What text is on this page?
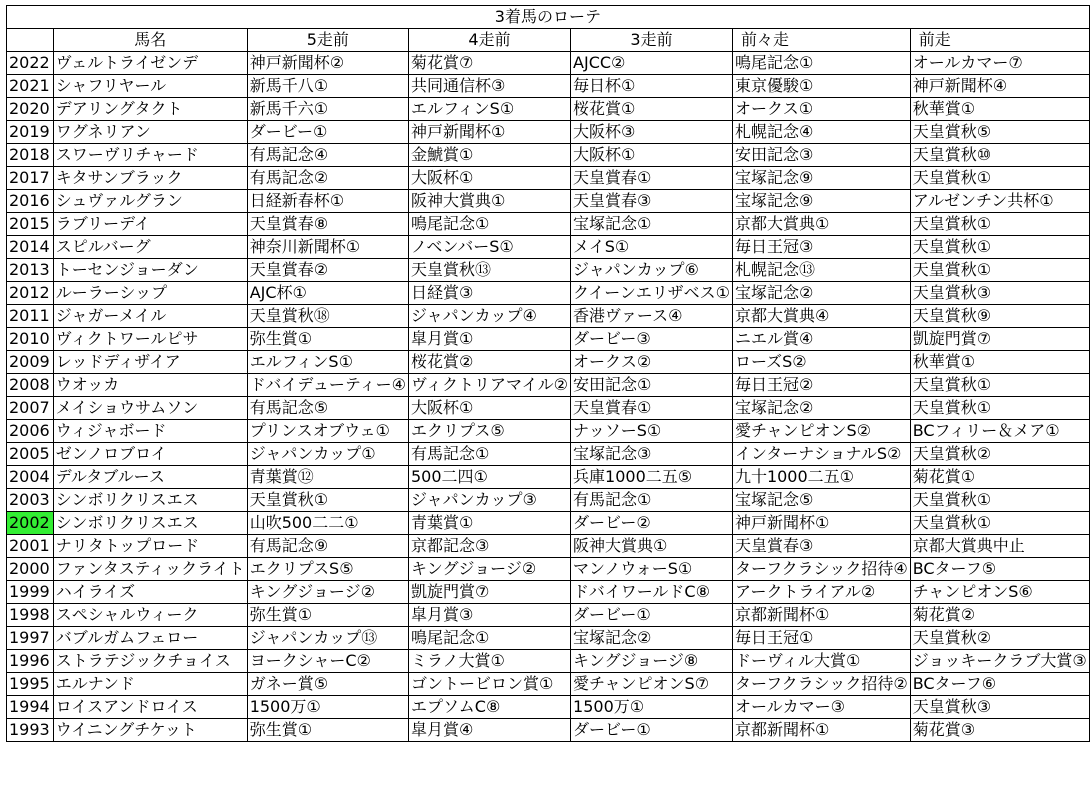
3着馬のローテ						
	馬名	5走前	4走前	3走前	前々走	前走
2022	ヴェルトライゼンデ	神戸新聞杯②	菊花賞⑦	AJCC②	鳴尾記念①	オールカマー⑦
2021	シャフリヤール	新馬千八①	共同通信杯③	毎日杯①	東京優駿①	神戸新聞杯④
2020	デアリングタクト	新馬千六①	エルフィンS①	桜花賞①	オークス①	秋華賞①
2019	ワグネリアン	ダービー①	神戸新聞杯①	大阪杯③	札幌記念④	天皇賞秋⑤
2018	スワーヴリチャード	有馬記念④	金鯱賞①	大阪杯①	安田記念③	天皇賞秋⑩
2017	キタサンブラック	有馬記念②	大阪杯①	天皇賞春①	宝塚記念⑨	天皇賞秋①
2016	シュヴァルグラン	日経新春杯①	阪神大賞典①	天皇賞春③	宝塚記念⑨	アルゼンチン共杯①
2015	ラブリーデイ	天皇賞春⑧	鳴尾記念①	宝塚記念①	京都大賞典①	天皇賞秋①
2014	スピルバーグ	神奈川新聞杯①	ノベンバーS①	メイS①	毎日王冠③	天皇賞秋①
2013	トーセンジョーダン	天皇賞春②	天皇賞秋⑬	ジャパンカップ⑥	札幌記念⑬	天皇賞秋①
2012	ルーラーシップ	AJC杯①	日経賞③	クイーンエリザベス①	宝塚記念②	天皇賞秋③
2011	ジャガーメイル	天皇賞秋⑱	ジャパンカップ④	香港ヴァース④	京都大賞典④	天皇賞秋⑨
2010	ヴィクトワールピサ	弥生賞①	皐月賞①	ダービー③	ニエル賞④	凱旋門賞⑦
2009	レッドディザイア	エルフィンS①	桜花賞②	オークス②	ローズS②	秋華賞①
2008	ウオッカ	ドバイデューティー④	ヴィクトリアマイル②	安田記念①	毎日王冠②	天皇賞秋①
2007	メイショウサムソン	有馬記念⑤	大阪杯①	天皇賞春①	宝塚記念②	天皇賞秋①
2006	ウィジャボード	プリンスオブウェ①	エクリプス⑤	ナッソーS①	愛チャンピオンS②	BCフィリー＆メア①
2005	ゼンノロブロイ	ジャパンカップ①	有馬記念①	宝塚記念③	インターナショナルS②	天皇賞秋②
2004	デルタブルース	青葉賞⑫	500二四①	兵庫1000二五⑤	九十1000二五①	菊花賞①
2003	シンボリクリスエス	天皇賞秋①	ジャパンカップ③	有馬記念①	宝塚記念⑤	天皇賞秋①
2002	シンボリクリスエス	山吹500二二①	青葉賞①	ダービー②	神戸新聞杯①	天皇賞秋①
2001	ナリタトップロード	有馬記念⑨	京都記念③	阪神大賞典①	天皇賞春③	京都大賞典中止
2000	ファンタスティックライト	エクリプスS⑤	キングジョージ②	マンノウォーS①	ターフクラシック招待④	BCターフ⑤
1999	ハイライズ	キングジョージ②	凱旋門賞⑦	ドバイワールドC⑧	アークトライアル②	チャンピオンS⑥
1998	スペシャルウィーク	弥生賞①	皐月賞③	ダービー①	京都新聞杯①	菊花賞②
1997	バブルガムフェロー	ジャパンカップ⑬	鳴尾記念①	宝塚記念②	毎日王冠①	天皇賞秋②
1996	ストラテジックチョイス	ヨークシャーC②	ミラノ大賞①	キングジョージ⑧	ドーヴィル大賞①	ジョッキークラブ大賞③
1995	エルナンド	ガネー賞⑤	ゴントービロン賞①	愛チャンピオンS⑦	ターフクラシック招待②	BCターフ⑥
1994	ロイスアンドロイス	1500万①	エプソムC⑧	1500万①	オールカマー③	天皇賞秋③
1993	ウイニングチケット	弥生賞①	皐月賞④	ダービー①	京都新聞杯①	菊花賞③
